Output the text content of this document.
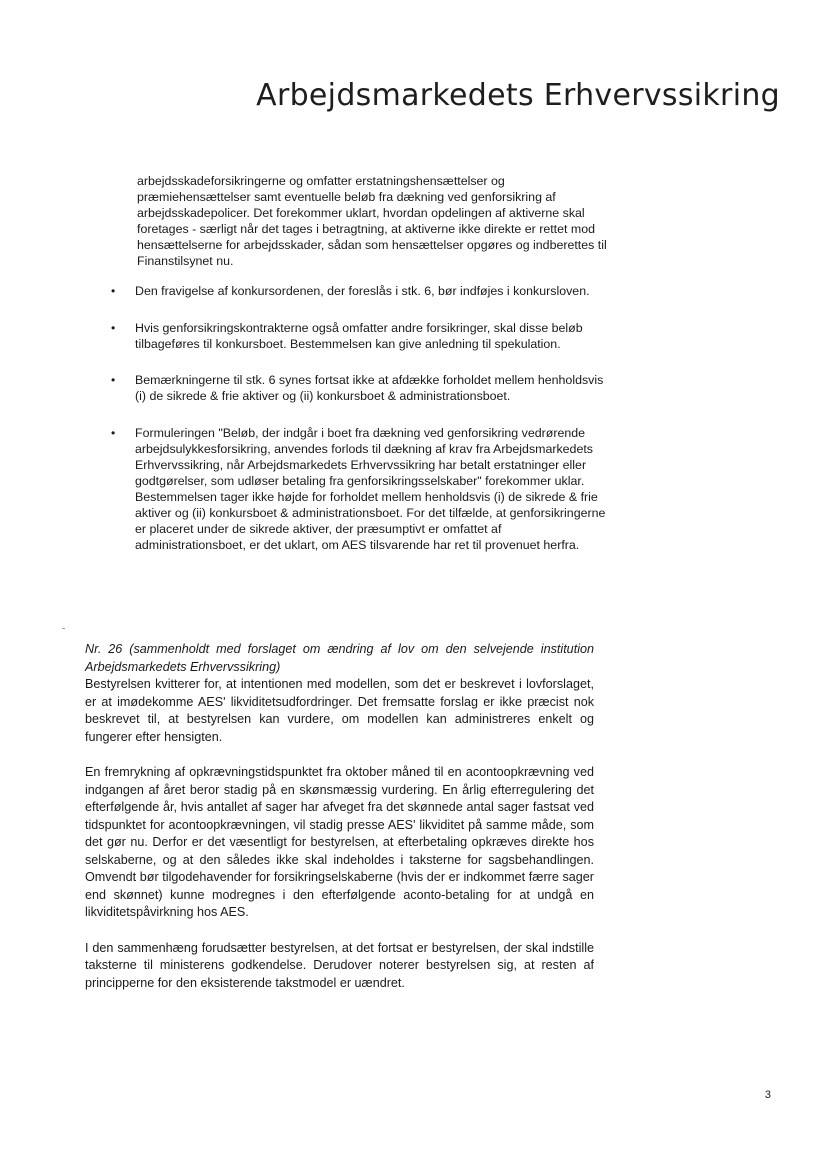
Arbejdsmarkedets Erhvervssikring

arbejdsskadeforsikringerne og omfatter erstatningshensættelser og præmiehensættelser samt eventuelle beløb fra dækning ved genforsikring af arbejdsskadepolicer. Det forekommer uklart, hvordan opdelingen af aktiverne skal foretages - særligt når det tages i betragtning, at aktiverne ikke direkte er rettet mod hensættelserne for arbejdsskader, sådan som hensættelser opgøres og indberettes til Finanstilsynet nu.

• Den fravigelse af konkursordenen, der foreslås i stk. 6, bør indføjes i konkursloven.
• Hvis genforsikringskontrakterne også omfatter andre forsikringer, skal disse beløb tilbageføres til konkursboet. Bestemmelsen kan give anledning til spekulation.
• Bemærkningerne til stk. 6 synes fortsat ikke at afdække forholdet mellem henholdsvis (i) de sikrede & frie aktiver og (ii) konkursboet & administrationsboet.
• Formuleringen "Beløb, der indgår i boet fra dækning ved genforsikring vedrørende arbejdsulykkesforsikring, anvendes forlods til dækning af krav fra Arbejdsmarkedets Erhvervssikring, når Arbejdsmarkedets Erhvervssikring har betalt erstatninger eller godtgørelser, som udløser betaling fra genforsikringsselskaber" forekommer uklar. Bestemmelsen tager ikke højde for forholdet mellem henholdsvis (i) de sikrede & frie aktiver og (ii) konkursboet & administrationsboet. For det tilfælde, at genforsikringerne er placeret under de sikrede aktiver, der præsumptivt er omfattet af administrationsboet, er det uklart, om AES tilsvarende har ret til provenuet herfra.

Nr. 26 (sammenholdt med forslaget om ændring af lov om den selvejende institution Arbejdsmarkedets Erhvervssikring)

Bestyrelsen kvitterer for, at intentionen med modellen, som det er beskrevet i lovforslaget, er at imødekomme AES' likviditetsudfordringer. Det fremsatte forslag er ikke præcist nok beskrevet til, at bestyrelsen kan vurdere, om modellen kan administreres enkelt og fungerer efter hensigten.

En fremrykning af opkrævningstidspunktet fra oktober måned til en acontoopkrævning ved indgangen af året beror stadig på en skønsmæssig vurdering. En årlig efterregulering det efterfølgende år, hvis antallet af sager har afveget fra det skønnede antal sager fastsat ved tidspunktet for acontoopkrævningen, vil stadig presse AES' likviditet på samme måde, som det gør nu. Derfor er det væsentligt for bestyrelsen, at efterbetaling opkræves direkte hos selskaberne, og at den således ikke skal indeholdes i taksterne for sagsbehandlingen. Omvendt bør tilgodehavender for forsikringselskaberne (hvis der er indkommet færre sager end skønnet) kunne modregnes i den efterfølgende aconto-betaling for at undgå en likviditetspåvirkning hos AES.

I den sammenhæng forudsætter bestyrelsen, at det fortsat er bestyrelsen, der skal indstille taksterne til ministerens godkendelse. Derudover noterer bestyrelsen sig, at resten af principperne for den eksisterende takstmodel er uændret.

3
